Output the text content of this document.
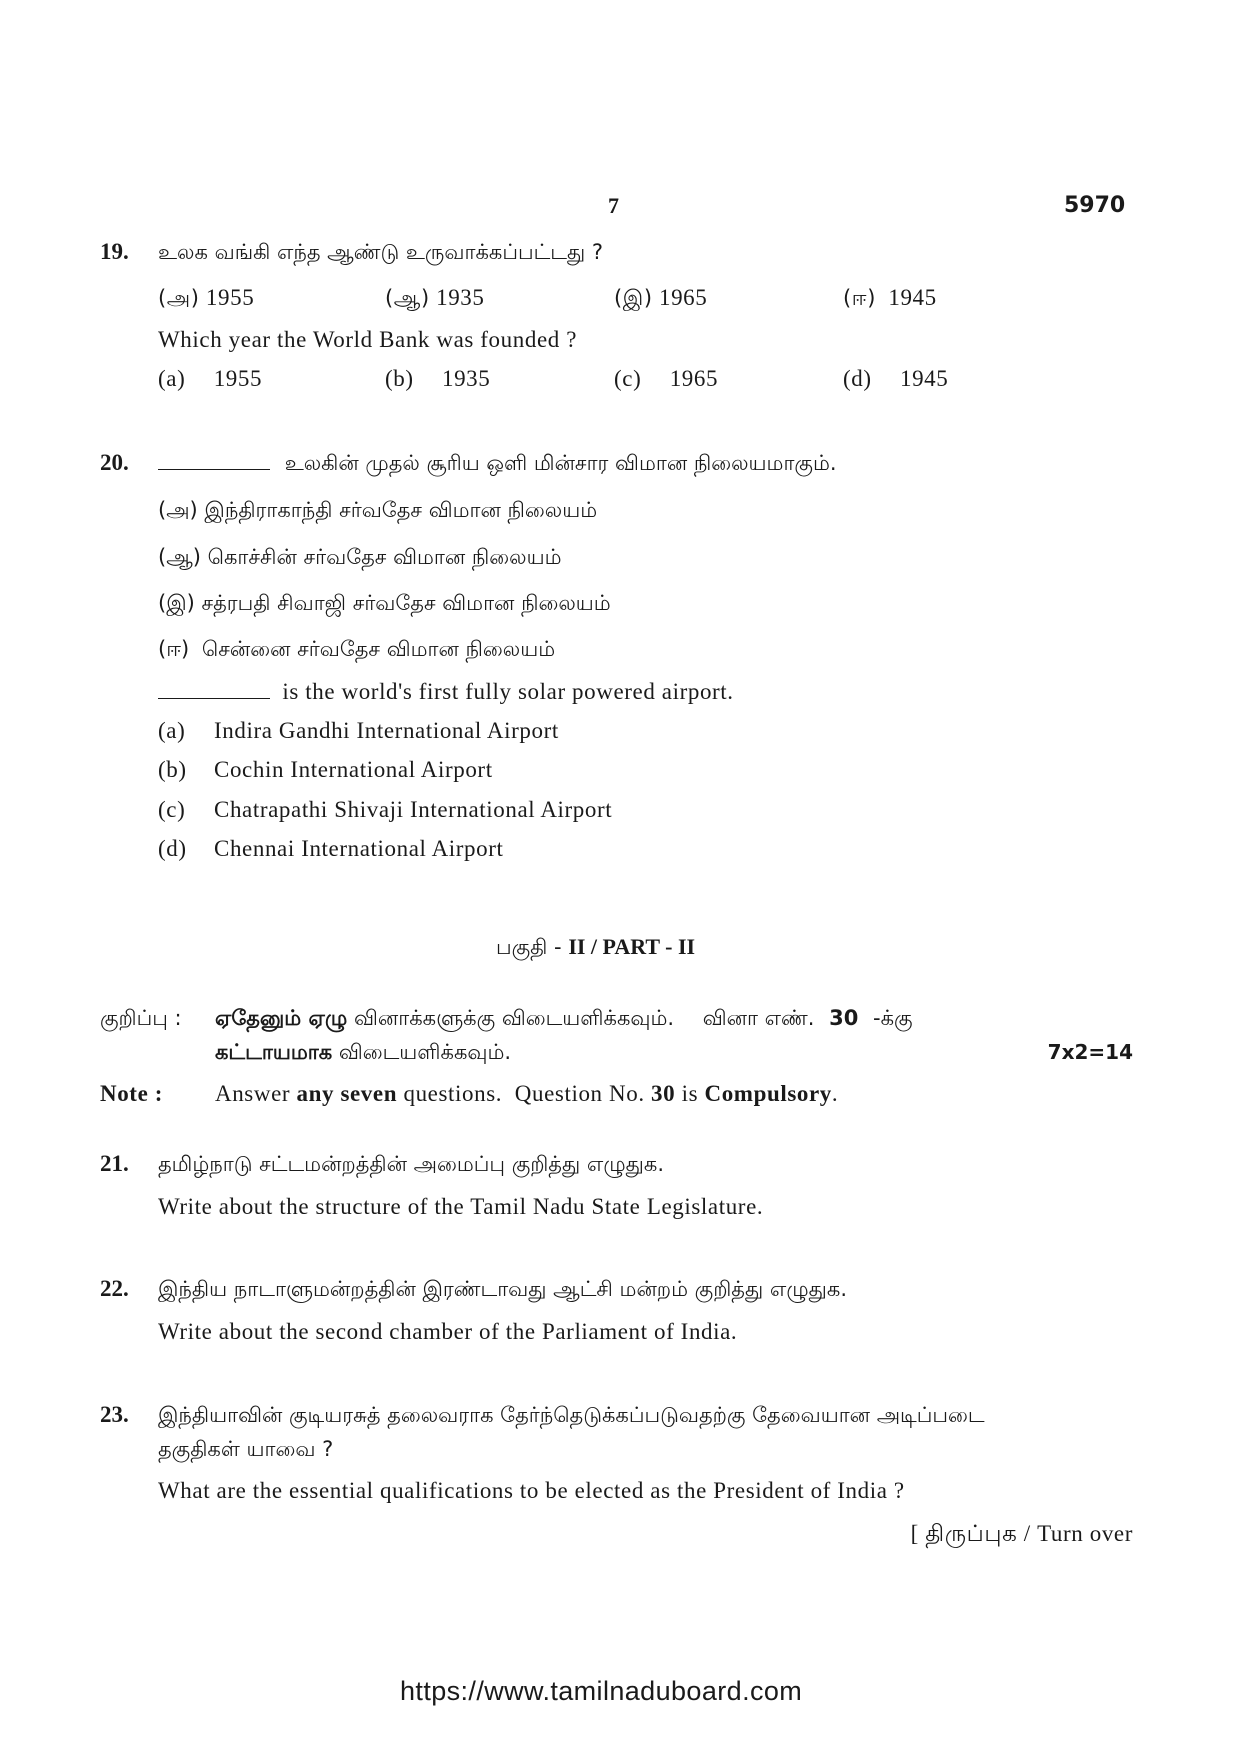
7	5970
19. உலக வங்கி எந்த ஆண்டு உருவாக்கப்பட்டது ?
(அ) 1955	(ஆ) 1935	(இ) 1965	(ஈ) 1945
Which year the World Bank was founded ?
(a) 1955	(b) 1935	(c) 1965	(d) 1945
20.	உலகின் முதல் சூரிய ஒளி மின்சார விமான நிலையமாகும்.
(அ) இந்திராகாந்தி சர்வதேச விமான நிலையம்
(ஆ) கொச்சின் சர்வதேச விமான நிலையம்
(இ) சத்ரபதி சிவாஜி சர்வதேச விமான நிலையம்
(ஈ) சென்னை சர்வதேச விமான நிலையம்
is the world's first fully solar powered airport.
(a) Indira Gandhi International Airport
(b) Cochin International Airport
(c) Chatrapathi Shivaji International Airport
(d) Chennai International Airport
பகுதி - II / PART - II
குறிப்பு : ஏதேனும் ஏழு வினாக்களுக்கு விடையளிக்கவும். வினா எண். 30 -க்கு
கட்டாயமாக விடையளிக்கவும்.	7x2=14
Note : Answer any seven questions.  Question No. 30 is Compulsory.
21. தமிழ்நாடு சட்டமன்றத்தின் அமைப்பு குறித்து எழுதுக.
Write about the structure of the Tamil Nadu State Legislature.
22. இந்திய நாடாளுமன்றத்தின் இரண்டாவது ஆட்சி மன்றம் குறித்து எழுதுக.
Write about the second chamber of the Parliament of India.
23. இந்தியாவின் குடியரசுத் தலைவராக தேர்ந்தெடுக்கப்படுவதற்கு தேவையான அடிப்படை
தகுதிகள் யாவை ?
What are the essential qualifications to be elected as the President of India ?
[ திருப்புக / Turn over
https://www.tamilnaduboard.com
